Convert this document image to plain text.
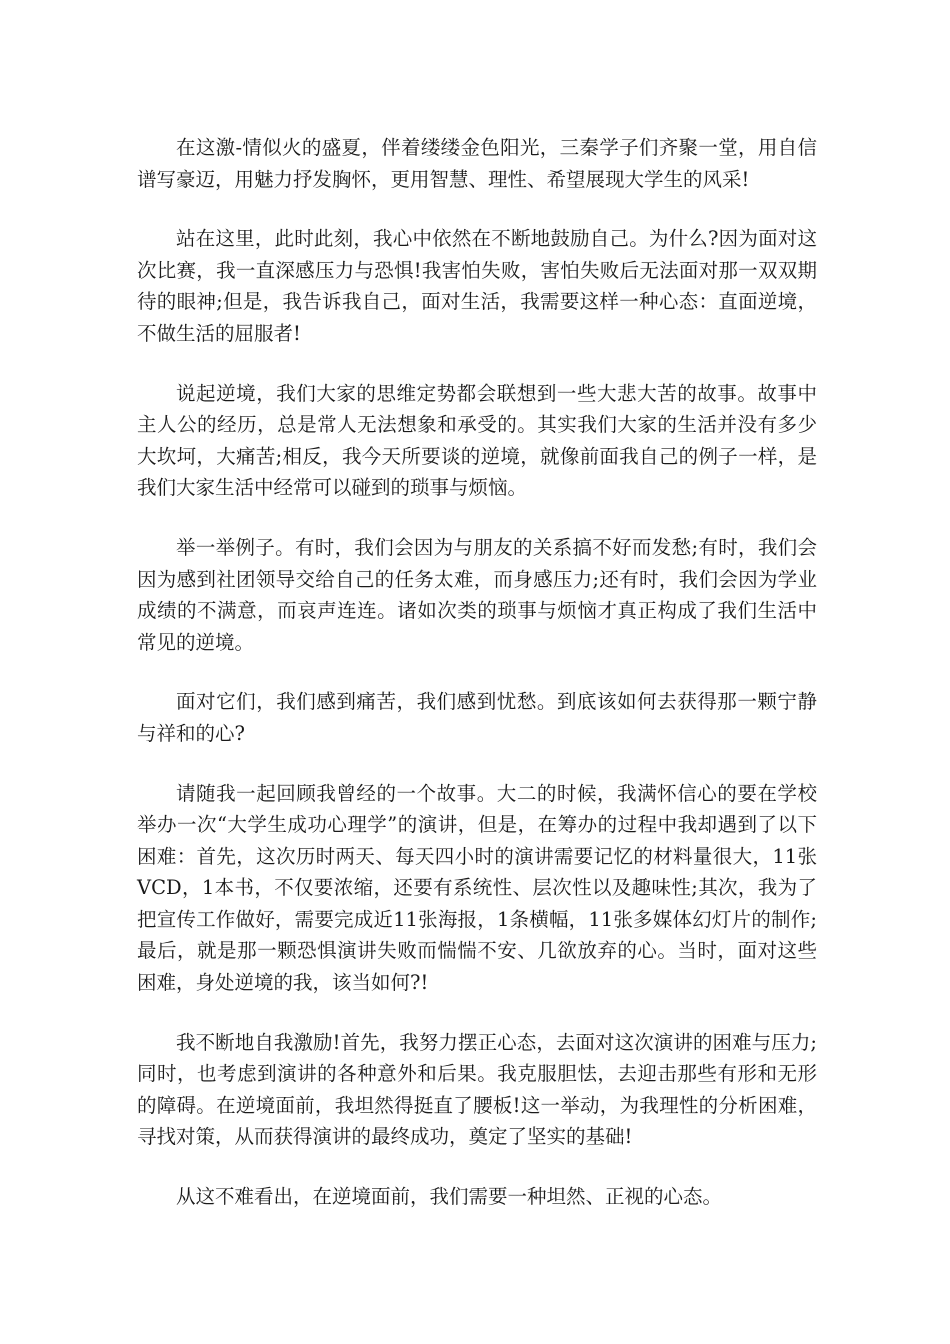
在这激-情似火的盛夏，伴着缕缕金色阳光，三秦学子们齐聚一堂，用自信谱写豪迈，用魅力抒发胸怀，更用智慧、理性、希望展现大学生的风采!

站在这里，此时此刻，我心中依然在不断地鼓励自己。为什么?因为面对这次比赛，我一直深感压力与恐惧!我害怕失败，害怕失败后无法面对那一双双期待的眼神;但是，我告诉我自己，面对生活，我需要这样一种心态：直面逆境，不做生活的屈服者!

说起逆境，我们大家的思维定势都会联想到一些大悲大苦的故事。故事中主人公的经历，总是常人无法想象和承受的。其实我们大家的生活并没有多少大坎坷，大痛苦;相反，我今天所要谈的逆境，就像前面我自己的例子一样，是我们大家生活中经常可以碰到的琐事与烦恼。

举一举例子。有时，我们会因为与朋友的关系搞不好而发愁;有时，我们会因为感到社团领导交给自己的任务太难，而身感压力;还有时，我们会因为学业成绩的不满意，而哀声连连。诸如次类的琐事与烦恼才真正构成了我们生活中常见的逆境。

面对它们，我们感到痛苦，我们感到忧愁。到底该如何去获得那一颗宁静与祥和的心?

请随我一起回顾我曾经的一个故事。大二的时候，我满怀信心的要在学校举办一次“大学生成功心理学”的演讲，但是，在筹办的过程中我却遇到了以下困难：首先，这次历时两天、每天四小时的演讲需要记忆的材料量很大，11张VCD，1本书，不仅要浓缩，还要有系统性、层次性以及趣味性;其次，我为了把宣传工作做好，需要完成近11张海报，1条横幅，11张多媒体幻灯片的制作;最后，就是那一颗恐惧演讲失败而惴惴不安、几欲放弃的心。当时，面对这些困难，身处逆境的我，该当如何?!

我不断地自我激励!首先，我努力摆正心态，去面对这次演讲的困难与压力;同时，也考虑到演讲的各种意外和后果。我克服胆怯，去迎击那些有形和无形的障碍。在逆境面前，我坦然得挺直了腰板!这一举动，为我理性的分析困难，寻找对策，从而获得演讲的最终成功，奠定了坚实的基础!

从这不难看出，在逆境面前，我们需要一种坦然、正视的心态。
